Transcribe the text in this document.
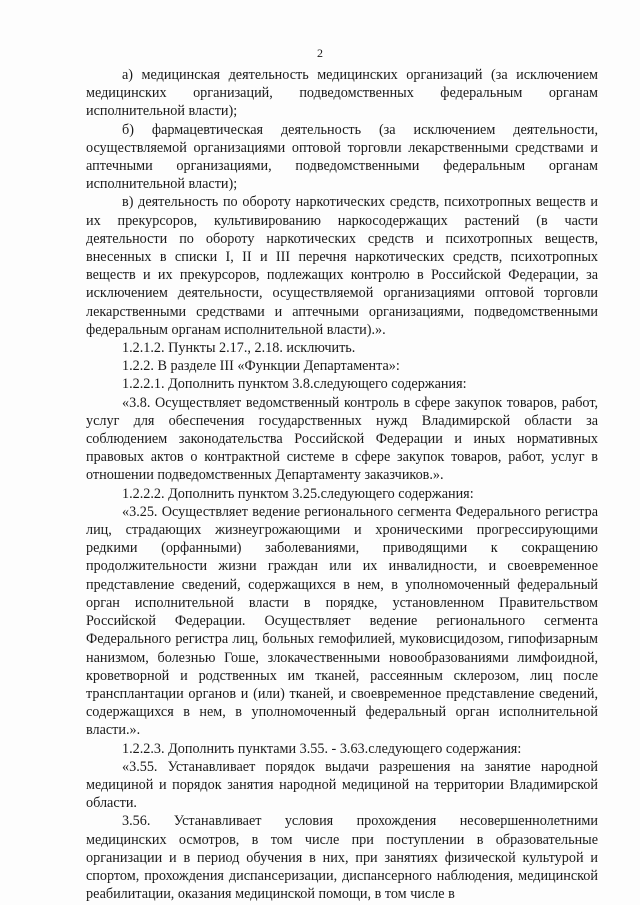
2

а) медицинская деятельность медицинских организаций (за исключением медицинских организаций, подведомственных федеральным органам исполнительной власти);

б) фармацевтическая деятельность (за исключением деятельности, осуществляемой организациями оптовой торговли лекарственными средствами и аптечными организациями, подведомственными федеральным органам исполнительной власти);

в) деятельность по обороту наркотических средств, психотропных веществ и их прекурсоров, культивированию наркосодержащих растений (в части деятельности по обороту наркотических средств и психотропных веществ, внесенных в списки I, II и III перечня наркотических средств, психотропных веществ и их прекурсоров, подлежащих контролю в Российской Федерации, за исключением деятельности, осуществляемой организациями оптовой торговли лекарственными средствами и аптечными организациями, подведомственными федеральным органам исполнительной власти).».

1.2.1.2. Пункты 2.17., 2.18. исключить.

1.2.2. В разделе III «Функции Департамента»:

1.2.2.1. Дополнить пунктом 3.8.следующего содержания:

«3.8. Осуществляет ведомственный контроль в сфере закупок товаров, работ, услуг для обеспечения государственных нужд Владимирской области за соблюдением законодательства Российской Федерации и иных нормативных правовых актов о контрактной системе в сфере закупок товаров, работ, услуг в отношении подведомственных Департаменту заказчиков.».

1.2.2.2. Дополнить пунктом 3.25.следующего содержания:

«3.25. Осуществляет ведение регионального сегмента Федерального регистра лиц, страдающих жизнеугрожающими и хроническими прогрессирующими редкими (орфанными) заболеваниями, приводящими к сокращению продолжительности жизни граждан или их инвалидности, и своевременное представление сведений, содержащихся в нем, в уполномоченный федеральный орган исполнительной власти в порядке, установленном Правительством Российской Федерации. Осуществляет ведение регионального сегмента Федерального регистра лиц, больных гемофилией, муковисцидозом, гипофизарным нанизмом, болезнью Гоше, злокачественными новообразованиями лимфоидной, кроветворной и родственных им тканей, рассеянным склерозом, лиц после трансплантации органов и (или) тканей, и своевременное представление сведений, содержащихся в нем, в уполномоченный федеральный орган исполнительной власти.».

1.2.2.3. Дополнить пунктами 3.55. - 3.63.следующего содержания:

«3.55. Устанавливает порядок выдачи разрешения на занятие народной медициной и порядок занятия народной медициной на территории Владимирской области.

3.56. Устанавливает условия прохождения несовершеннолетними медицинских осмотров, в том числе при поступлении в образовательные организации и в период обучения в них, при занятиях физической культурой и спортом, прохождения диспансеризации, диспансерного наблюдения, медицинской реабилитации, оказания медицинской помощи, в том числе в
